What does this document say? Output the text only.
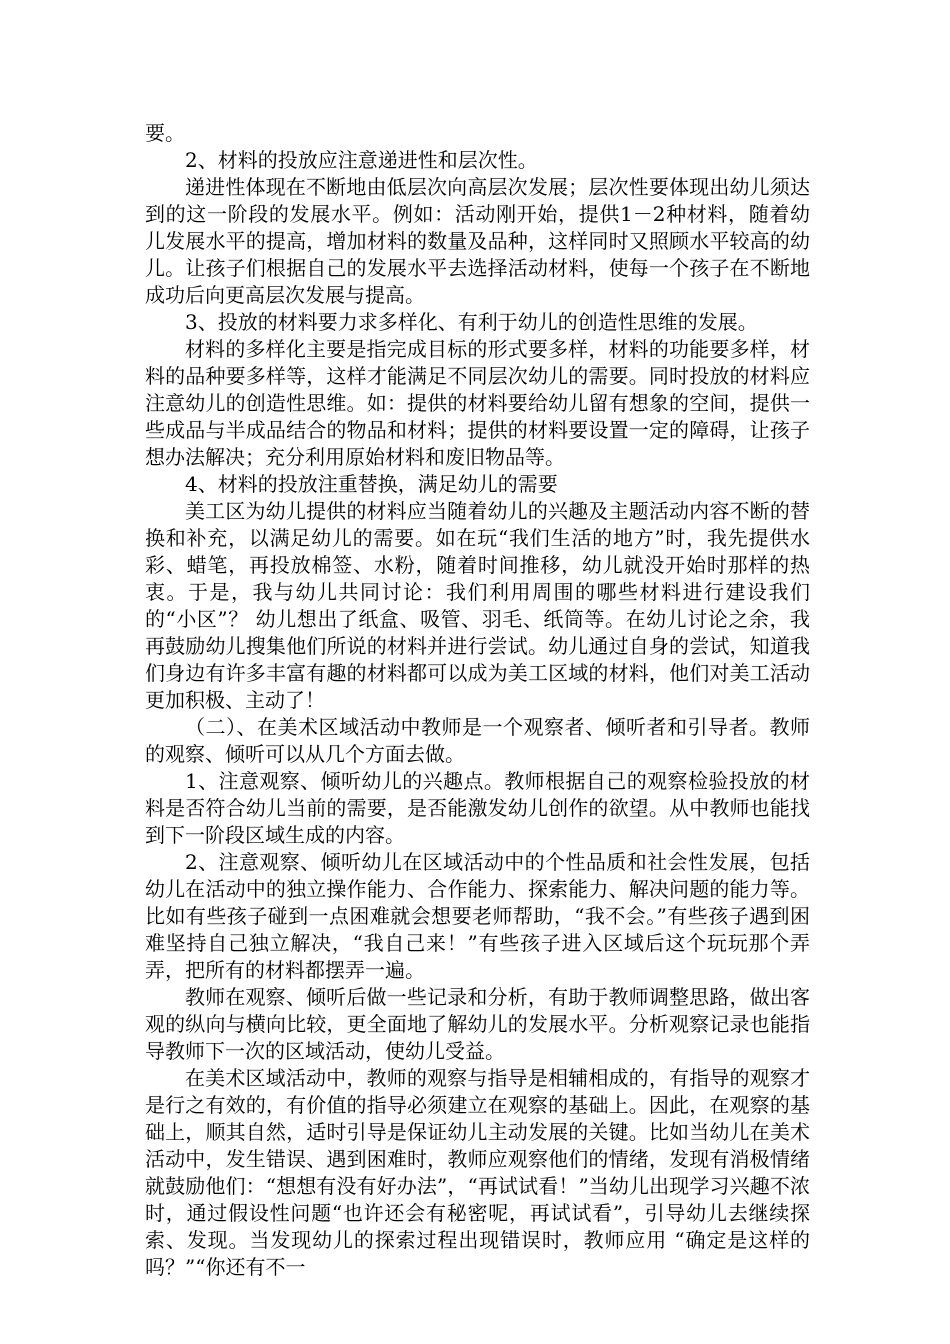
要。

2、材料的投放应注意递进性和层次性。

递进性体现在不断地由低层次向高层次发展；层次性要体现出幼儿须达到的这一阶段的发展水平。例如：活动刚开始，提供1－2种材料，随着幼儿发展水平的提高，增加材料的数量及品种，这样同时又照顾水平较高的幼儿。让孩子们根据自己的发展水平去选择活动材料，使每一个孩子在不断地成功后向更高层次发展与提高。

3、投放的材料要力求多样化、有利于幼儿的创造性思维的发展。

材料的多样化主要是指完成目标的形式要多样，材料的功能要多样，材料的品种要多样等，这样才能满足不同层次幼儿的需要。同时投放的材料应注意幼儿的创造性思维。如：提供的材料要给幼儿留有想象的空间，提供一些成品与半成品结合的物品和材料；提供的材料要设置一定的障碍，让孩子想办法解决；充分利用原始材料和废旧物品等。

4、材料的投放注重替换，满足幼儿的需要

美工区为幼儿提供的材料应当随着幼儿的兴趣及主题活动内容不断的替换和补充，以满足幼儿的需要。如在玩“我们生活的地方”时，我先提供水彩、蜡笔，再投放棉签、水粉，随着时间推移，幼儿就没开始时那样的热衷。于是，我与幼儿共同讨论：我们利用周围的哪些材料进行建设我们的“小区”？ 幼儿想出了纸盒、吸管、羽毛、纸筒等。在幼儿讨论之余，我再鼓励幼儿搜集他们所说的材料并进行尝试。幼儿通过自身的尝试，知道我们身边有许多丰富有趣的材料都可以成为美工区域的材料，他们对美工活动更加积极、主动了！

（二）、在美术区域活动中教师是一个观察者、倾听者和引导者。教师的观察、倾听可以从几个方面去做。

1、注意观察、倾听幼儿的兴趣点。教师根据自己的观察检验投放的材料是否符合幼儿当前的需要，是否能激发幼儿创作的欲望。从中教师也能找到下一阶段区域生成的内容。

2、注意观察、倾听幼儿在区域活动中的个性品质和社会性发展，包括幼儿在活动中的独立操作能力、合作能力、探索能力、解决问题的能力等。比如有些孩子碰到一点困难就会想要老师帮助，“我不会。”有些孩子遇到困难坚持自己独立解决，“我自己来！”有些孩子进入区域后这个玩玩那个弄弄，把所有的材料都摆弄一遍。

教师在观察、倾听后做一些记录和分析，有助于教师调整思路，做出客观的纵向与横向比较，更全面地了解幼儿的发展水平。分析观察记录也能指导教师下一次的区域活动，使幼儿受益。

在美术区域活动中，教师的观察与指导是相辅相成的，有指导的观察才是行之有效的，有价值的指导必须建立在观察的基础上。因此，在观察的基础上，顺其自然，适时引导是保证幼儿主动发展的关键。比如当幼儿在美术活动中，发生错误、遇到困难时，教师应观察他们的情绪，发现有消极情绪就鼓励他们：“想想有没有好办法”，“再试试看！”当幼儿出现学习兴趣不浓时，通过假设性问题“也许还会有秘密呢，再试试看”，引导幼儿去继续探索、发现。当发现幼儿的探索过程出现错误时，教师应用 “确定是这样的吗？”“你还有不一
